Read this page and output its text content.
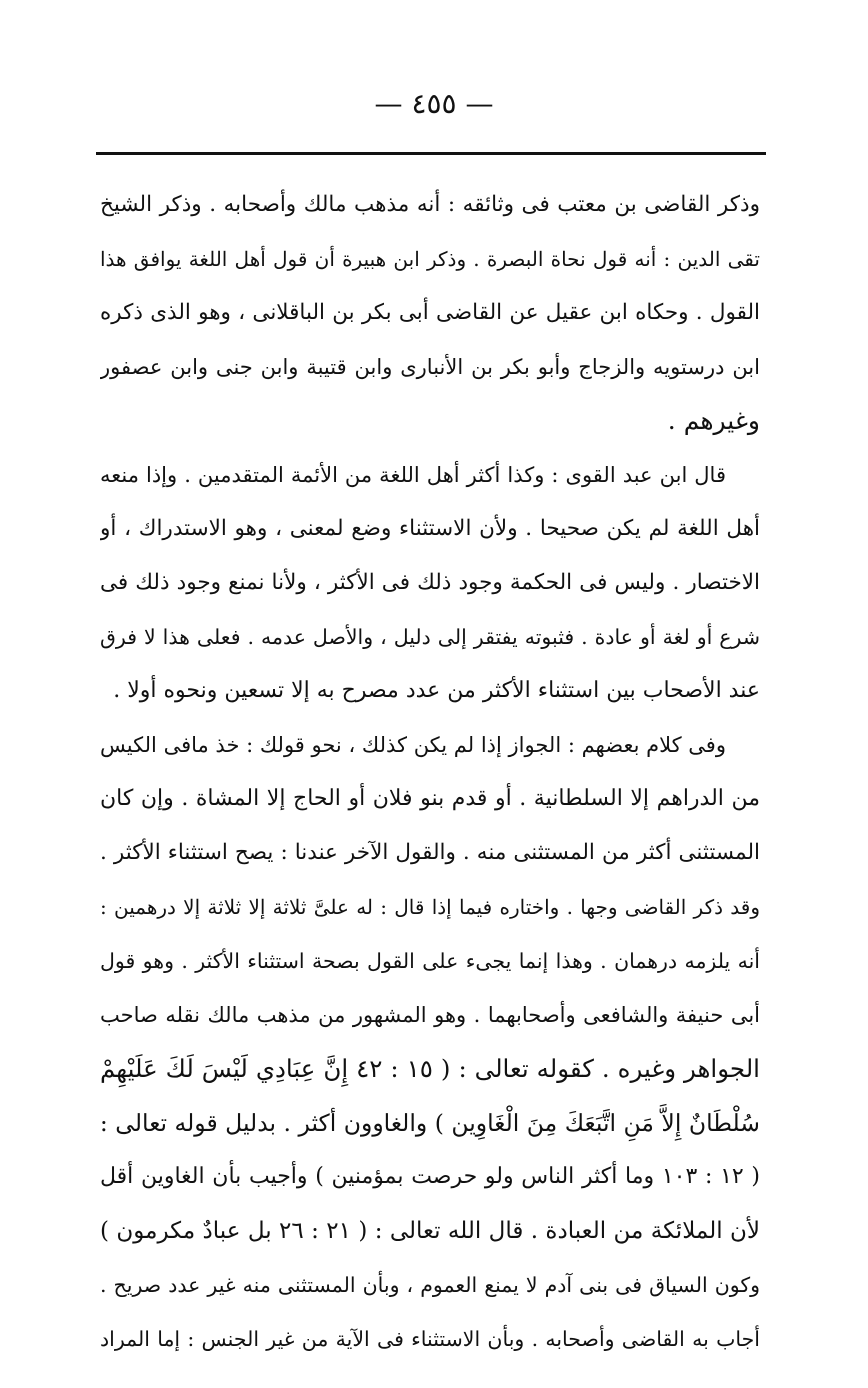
— ٤٥٥ —
وذكر القاضى بن معتب فى وثائقه : أنه مذهب مالك وأصحابه . وذكر الشيخ
تقى الدين : أنه قول نحاة البصرة . وذكر ابن هبيرة أن قول أهل اللغة يوافق هذا
القول . وحكاه ابن عقيل عن القاضى أبى بكر بن الباقلانى ، وهو الذى ذكره
ابن درستويه والزجاج وأبو بكر بن الأنبارى وابن قتيبة وابن جنى وابن عصفور
وغيرهم .
قال ابن عبد القوى : وكذا أكثر أهل اللغة من الأئمة المتقدمين . وإذا منعه
أهل اللغة لم يكن صحيحا . ولأن الاستثناء وضع لمعنى ، وهو الاستدراك ، أو
الاختصار . وليس فى الحكمة وجود ذلك فى الأكثر ، ولأنا نمنع وجود ذلك فى
شرع أو لغة أو عادة . فثبوته يفتقر إلى دليل ، والأصل عدمه . فعلى هذا لا فرق
عند الأصحاب بين استثناء الأكثر من عدد مصرح به إلا تسعين ونحوه أولا .
وفى كلام بعضهم : الجواز إذا لم يكن كذلك ، نحو قولك : خذ مافى الكيس
من الدراهم إلا السلطانية . أو قدم بنو فلان أو الحاج إلا المشاة . وإن كان
المستثنى أكثر من المستثنى منه . والقول الآخر عندنا : يصح استثناء الأكثر .
وقد ذكر القاضى وجها . واختاره فيما إذا قال : له علىَّ ثلاثة إلا ثلاثة إلا درهمين :
أنه يلزمه درهمان . وهذا إنما يجىء على القول بصحة استثناء الأكثر . وهو قول
أبى حنيفة والشافعى وأصحابهما . وهو المشهور من مذهب مالك نقله صاحب
الجواهر وغيره . كقوله تعالى : ( ١٥ : ٤٢ إِنَّ عِبَادِي لَيْسَ لَكَ عَلَيْهِمْ
سُلْطَانٌ إِلاَّ مَنِ اتَّبَعَكَ مِنَ الْغَاوِين ) والغاوون أكثر . بدليل قوله تعالى :
( ١٢ : ١٠٣ وما أكثر الناس ولو حرصت بمؤمنين ) وأجيب بأن الغاوين أقل
لأن الملائكة من العبادة . قال الله تعالى : ( ٢١ : ٢٦ بل عبادٌ مكرمون )
وكون السياق فى بنى آدم لا يمنع العموم ، وبأن المستثنى منه غير عدد صريح .
أجاب به القاضى وأصحابه . وبأن الاستثناء فى الآية من غير الجنس : إما المراد
